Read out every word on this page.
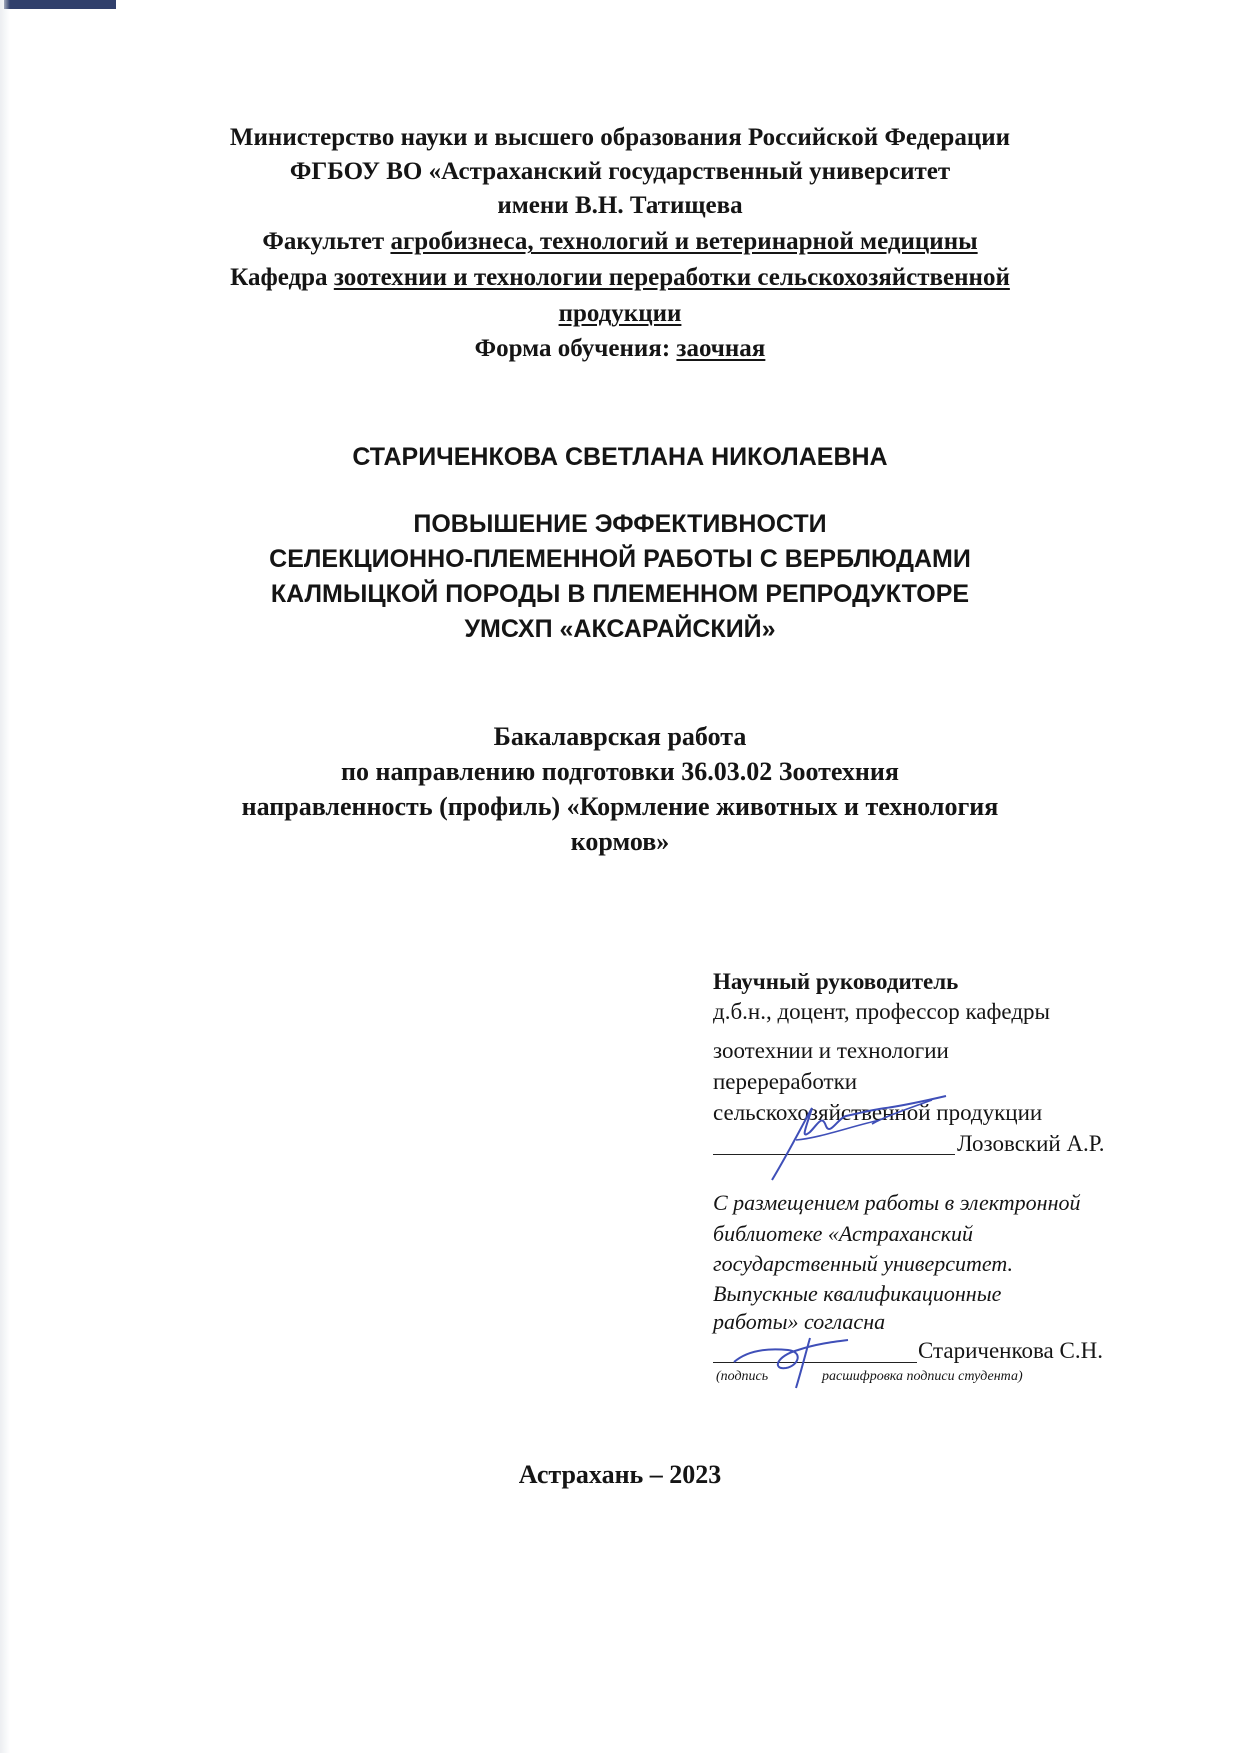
Министерство науки и высшего образования Российской Федерации
ФГБОУ ВО «Астраханский государственный университет
имени В.Н. Татищева
Факультет агробизнеса, технологий и ветеринарной медицины
Кафедра зоотехнии и технологии переработки сельскохозяйственной
продукции
Форма обучения: заочная
СТАРИЧЕНКОВА СВЕТЛАНА НИКОЛАЕВНА
ПОВЫШЕНИЕ ЭФФЕКТИВНОСТИ
СЕЛЕКЦИОННО-ПЛЕМЕННОЙ РАБОТЫ С ВЕРБЛЮДАМИ
КАЛМЫЦКОЙ ПОРОДЫ В ПЛЕМЕННОМ РЕПРОДУКТОРЕ
УМСХП «АКСАРАЙСКИЙ»
Бакалаврская работа
по направлению подготовки 36.03.02 Зоотехния
направленность (профиль) «Кормление животных и технология
кормов»
Научный руководитель
д.б.н., доцент, профессор кафедры
зоотехнии и технологии
перереработки
сельскохозяйственной продукции
Лозовский А.Р.
С размещением работы в электронной
библиотеке «Астраханский
государственный университет.
Выпускные квалификационные
работы» согласна
Стариченкова С.Н.
(подпись	расшифровка подписи студента)
Астрахань – 2023
